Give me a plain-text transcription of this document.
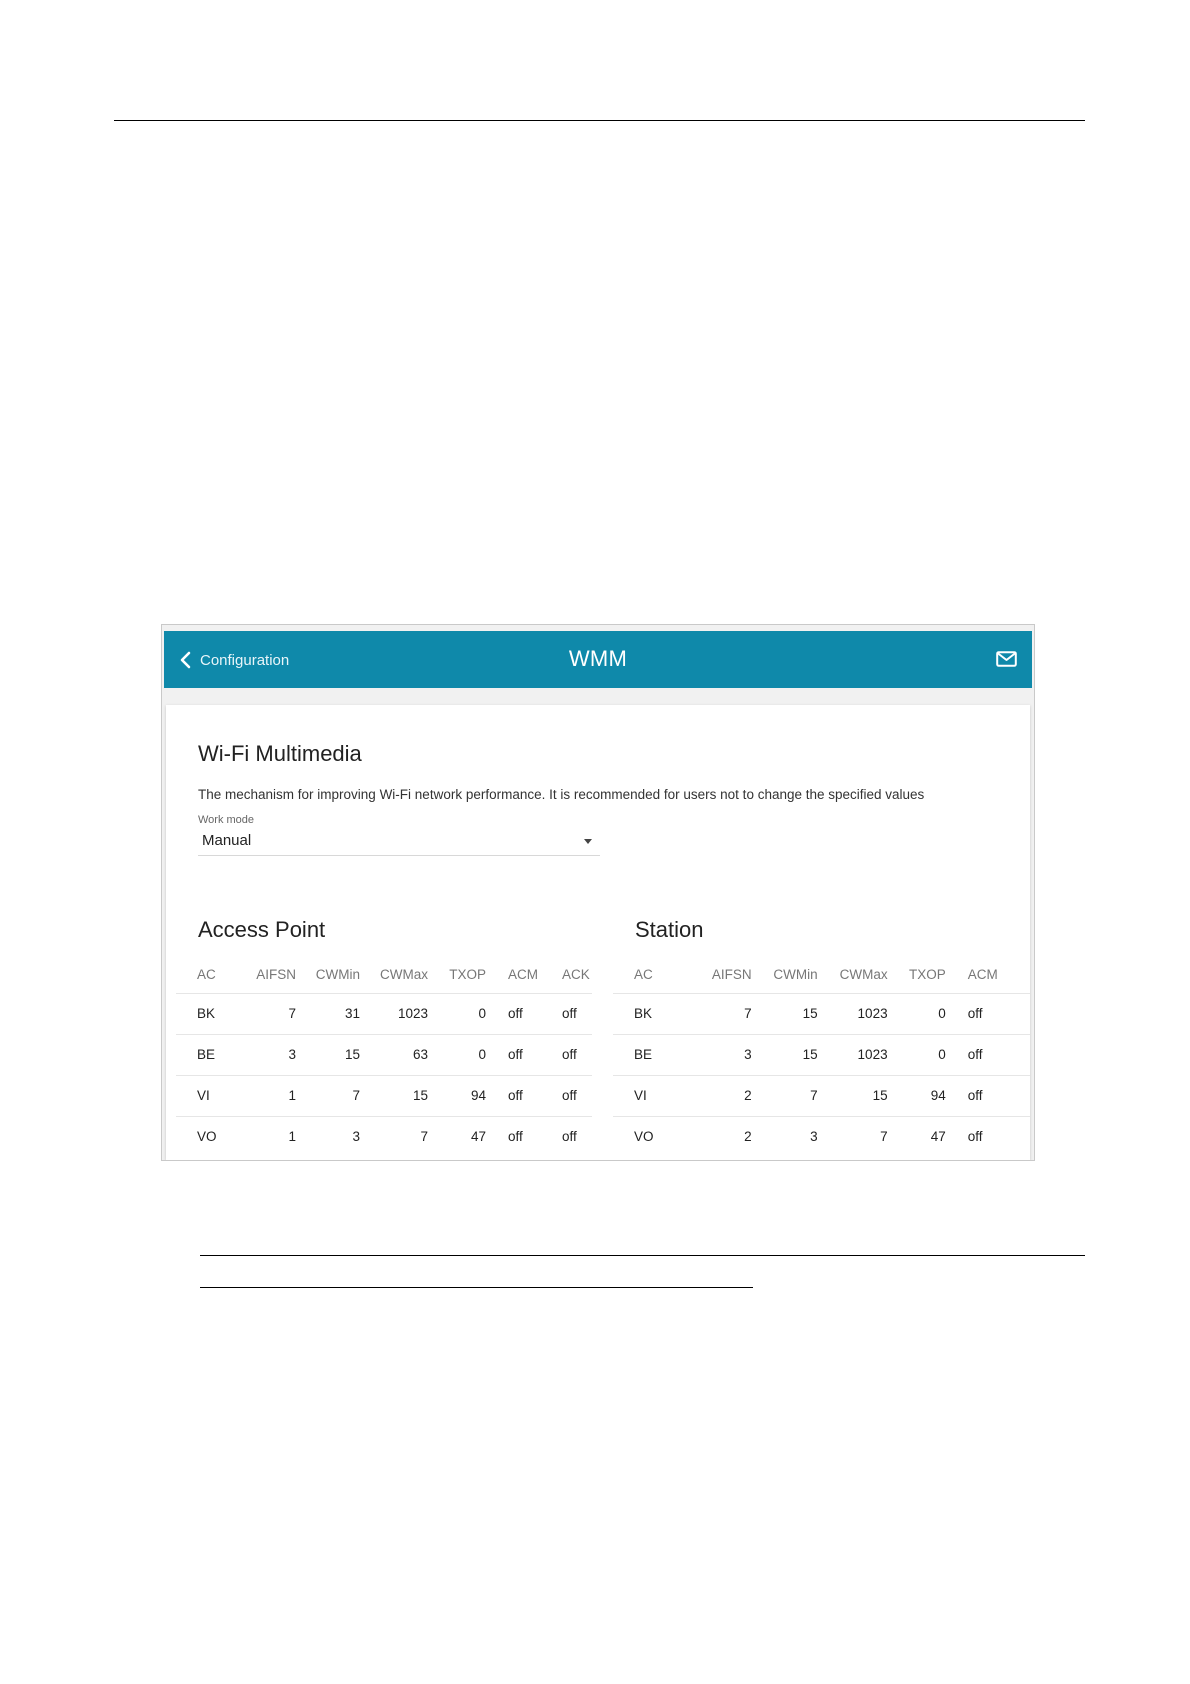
Configuration	WMM
Wi-Fi Multimedia
The mechanism for improving Wi-Fi network performance. It is recommended for users not to change the specified values
Work mode
Manual
Access Point
AC	AIFSN	CWMin	CWMax	TXOP	ACM	ACK
BK	7	31	1023	0	off	off
BE	3	15	63	0	off	off
VI	1	7	15	94	off	off
VO	1	3	7	47	off	off
Station
AC	AIFSN	CWMin	CWMax	TXOP	ACM	
BK	7	15	1023	0	off	
BE	3	15	1023	0	off	
VI	2	7	15	94	off	
VO	2	3	7	47	off	
